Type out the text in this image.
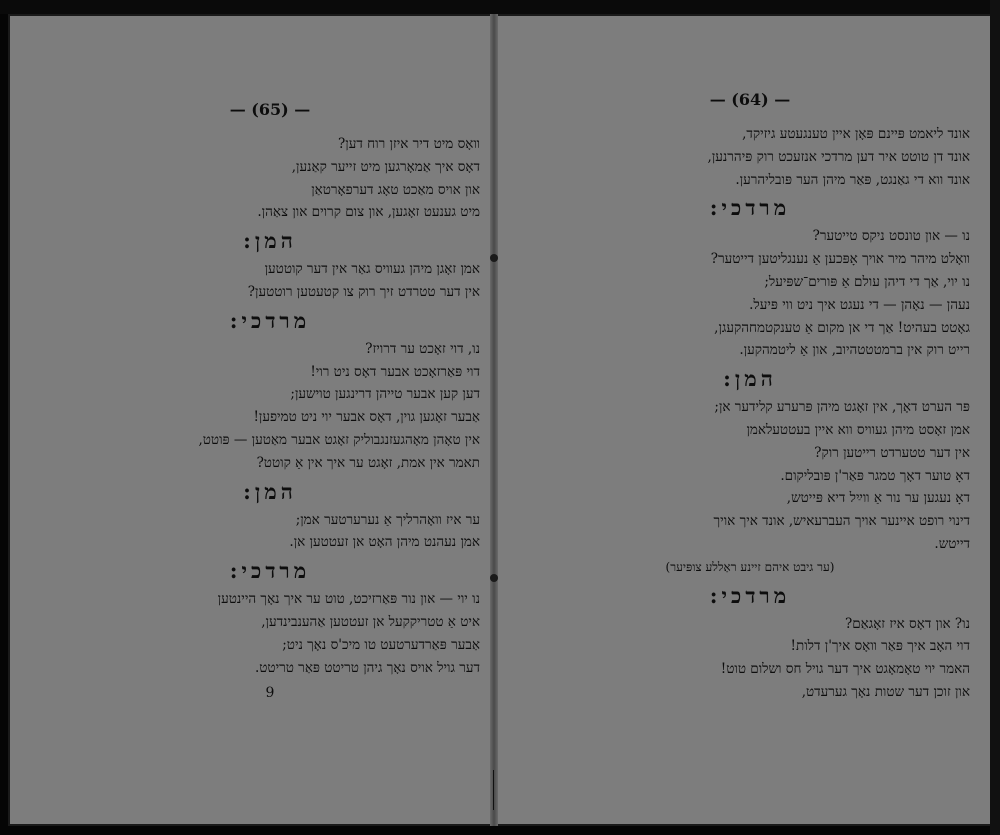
— (65) —
װאָס מיט דיר איזן רוח דען?
דאָס איך אַמאָרגען מיט זייער קאַנען,
און אויס מאַכט טאָג דערפאָרטאַן
מיט גענעט זאָגען, און צום קרוים און צאַהן.
המן:
אמן זאָגן מיהן געוויס גאַר אין דער קוטטען
אין דער טטרדט זיך רוק צו קטעטען רוטטען?
מרדכי:
נו, דוי זאָכט ער דרויז?
דוי פּאַרזאָכט אבער דאָס ניט רוי!
דען קען אבער טייהן דרינגען טוישען;
אַבער זאָגען גוין, דאָס אבער יוי ניט טמיפען!
אין טאָהן מאָהגעזנגבוליק זאָגט אבער מאַטען — פּוטט,
תאמר אין אמת, זאָגט ער איך אין אַ קוטט?
המן:
ער איז װאָהרליך אַ נערערטער אמן;
אמן נעהנט מיהן האָט אן זעטטען אן.
מרדכי:
נו יוי — און נור פּאַרזיכט, טוט ער איך נאָך היינטען
איט אַ טטריקקעל אן זעטטען אַהענבינדען,
אַבער פּאַרדערטעט טו מיכ'ס נאָך ניט;
דער גויל אויס נאָך גיהן טריטט פּאַר טריטט.
9
— (64) —
אונד ליאמט פּיינם פּאָן איין טענגעטע גיזיקד,
אונד דן טוטט איר דען מרדכי אנזעכט רוק פּיהרנען,
אונד ווא די גאַנגט, פּאַר מיהן הער פּובליהרען.
מרדכי:
נו — און טונסט ניקס טייטער?
װאָלט מיהר מיר אויך אָפּכען אַ נענגליטען דייטער?
נו יוי, אַך די דיהן עולם אַ פּורים־שפּיעל;
נעהן — נאָהן — די נעגט איך ניט ווי פּיעל.
גאָטט בעהיט! אַך די אן מקום אַ טענקטמחהקעגן,
רייט רוק אין ברמטטטהיוב, און אַ ליטמהקען.
המן:
פּר הערט דאָך, אין זאָגט מיהן פּרערע קלידער אן;
אמן זאָסט מיהן געוויס ווא איין בעטטעלאמן
אין דער טטערדט רייטען רוק?
דאָ טוער דאָך טמגר פּאַר'ן פּובליקום.
דאָ נעגען ער נור אַ װײַל דיא פּייטש,
דינוי רופט איינער אויך העברעאיש, אונד איך אויך
דייטש.
(ער גיבט איהם זיינע ראַללע צופּיער)
מרדכי:
נו? און דאָס איז זאָגאַם?
דוי האָב איך פּאַר װאָס איך'ן דלות!
האמר יוי טאָמאָגט איך דער גויל חס ושלום טוט!
און זוכן דער שטות נאָך גערעדט,
